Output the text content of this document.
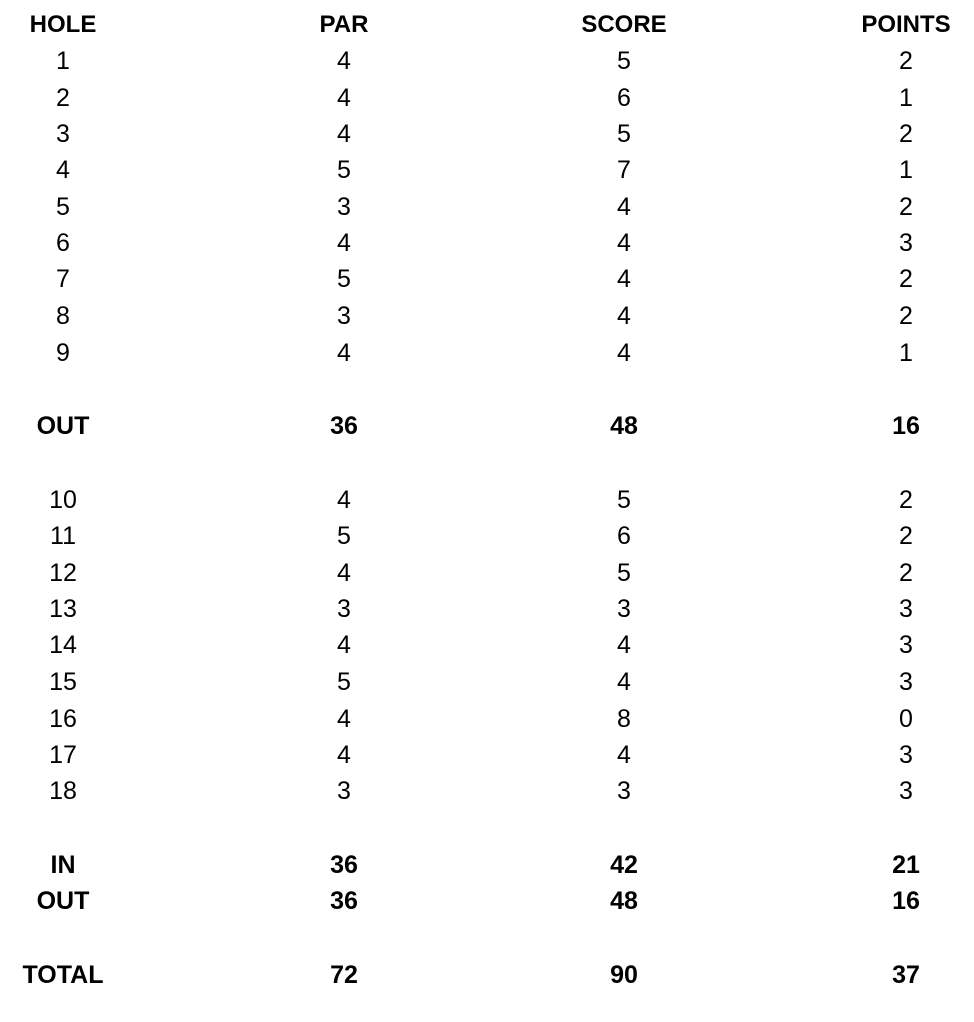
HOLE	PAR	SCORE	POINTS
1	4	5	2
2	4	6	1
3	4	5	2
4	5	7	1
5	3	4	2
6	4	4	3
7	5	4	2
8	3	4	2
9	4	4	1
OUT	36	48	16
10	4	5	2
11	5	6	2
12	4	5	2
13	3	3	3
14	4	4	3
15	5	4	3
16	4	8	0
17	4	4	3
18	3	3	3
IN	36	42	21
OUT	36	48	16
TOTAL	72	90	37
